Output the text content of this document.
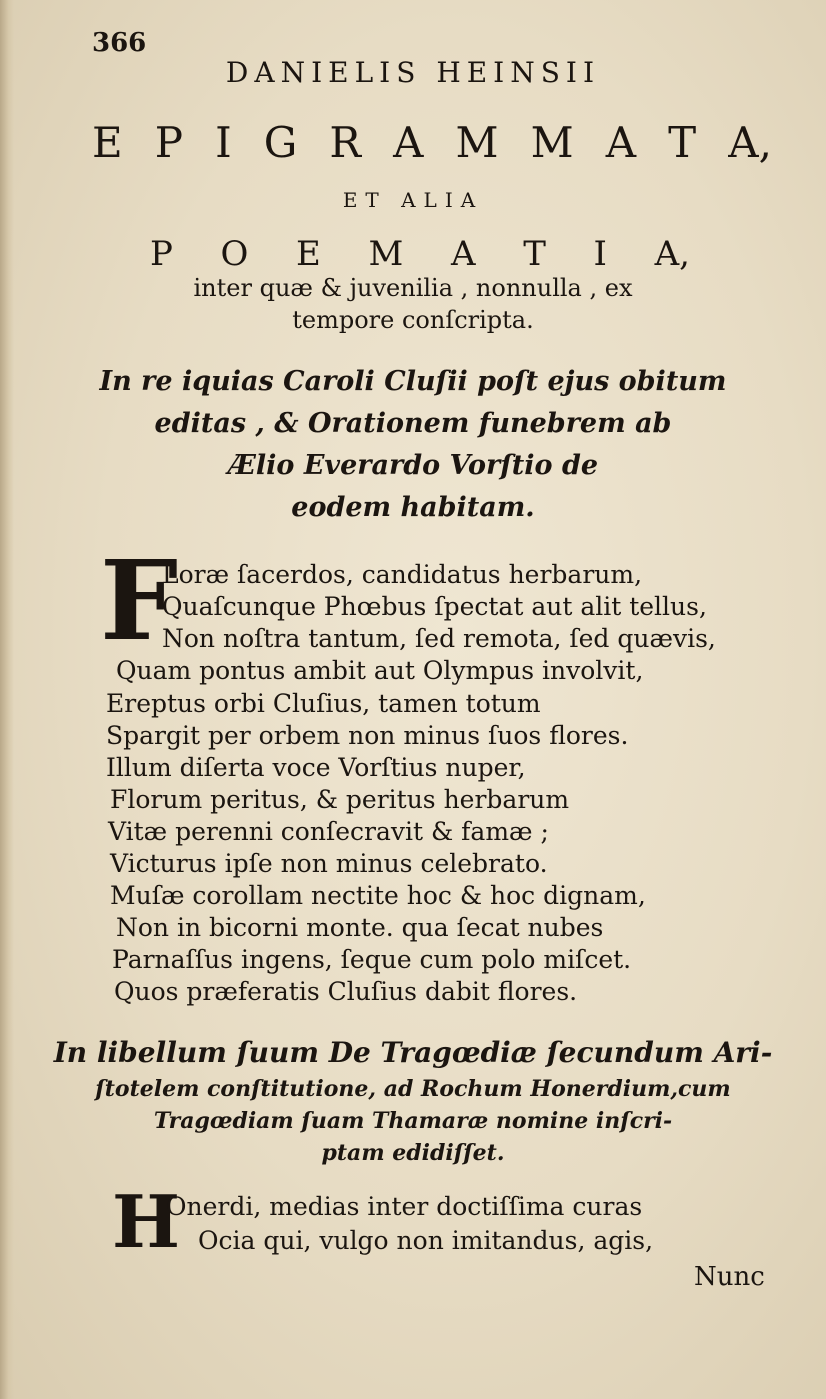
366
DANIELIS HEINSII
E P I G R A M M A T A,
ET ALIA
P O E M A T I A,
inter quæ & juvenilia , nonnulla , ex
tempore conſcripta.
In re iquias Caroli Cluſii poſt ejus obitum
editas , & Orationem funebrem ab
Ælio Everardo Vorſtio de
eodem habitam.
F
Loræ ſacerdos, candidatus herbarum,
Quaſcunque Phœbus ſpectat aut alit tellus,
Non noſtra tantum, ſed remota, ſed quævis,
Quam pontus ambit aut Olympus involvit,
Ereptus orbi Cluſius, tamen totum
Spargit per orbem non minus ſuos flores.
Illum diſerta voce Vorſtius nuper,
Florum peritus, & peritus herbarum
Vitæ perenni conſecravit & famæ ;
Victurus ipſe non minus celebrato.
Muſæ corollam nectite hoc & hoc dignam,
Non in bicorni monte. qua ſecat nubes
Parnaſſus ingens, ſeque cum polo miſcet.
Quos præferatis Cluſius dabit flores.
In libellum ſuum De Tragœdiæ ſecundum Ari-
ſtotelem conſtitutione, ad Rochum Honerdium,cum
Tragœdiam ſuam Thamaræ nomine inſcri-
ptam edidiſſet.
H
Onerdi, medias inter doctiſſima curas
Ocia qui, vulgo non imitandus, agis,
Nunc
